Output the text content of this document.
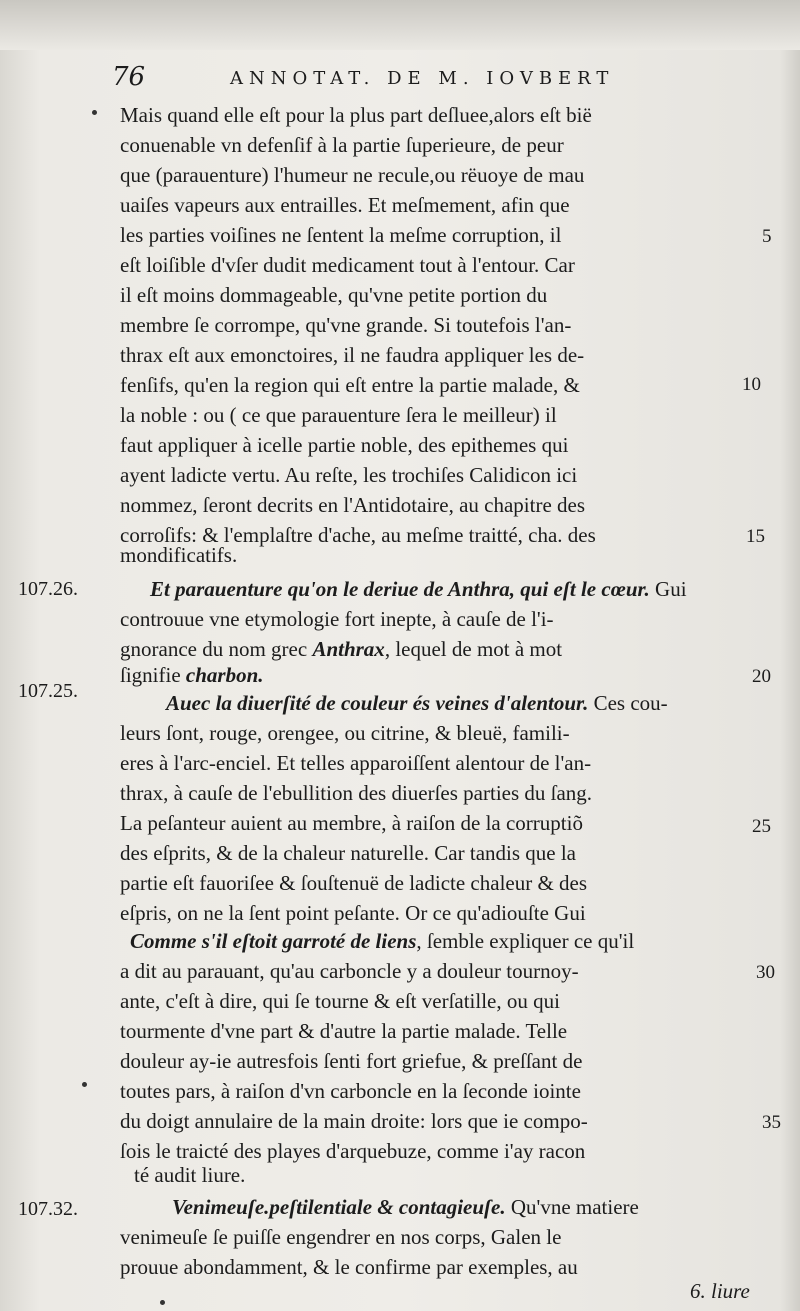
76	ANNOTAT. DE M. IOVBERT
Mais quand elle eſt pour la plus part deſluee,alors eſt bië
conuenable vn defenſif à la partie ſuperieure, de peur
que (parauenture) l'humeur ne recule,ou rëuoye de mau
uaiſes vapeurs aux entrailles. Et meſmement, afin que
les parties voiſines ne ſentent la meſme corruption, il
eſt loiſible d'vſer dudit medicament tout à l'entour. Car
il eſt moins dommageable, qu'vne petite portion du
membre ſe corrompe, qu'vne grande. Si toutefois l'an-
thrax eſt aux emonctoires, il ne faudra appliquer les de-
fenſifs, qu'en la region qui eſt entre la partie malade, &
la noble : ou ( ce que parauenture ſera le meilleur) il
faut appliquer à icelle partie noble, des epithemes qui
ayent ladicte vertu. Au reſte, les trochiſes Calidicon ici
nommez, ſeront decrits en l'Antidotaire, au chapitre des
corroſifs: & l'emplaſtre d'ache, au meſme traitté, cha. des
mondificatifs.
107.26.	Et parauenture qu'on le deriue de Anthra, qui eſt le cœur. Gui
controuue vne etymologie fort inepte, à cauſe de l'i-
gnorance du nom grec Anthrax, lequel de mot à mot
ſignifie charbon.
107.25.	Auec la diuerſité de couleur és veines d'alentour. Ces cou-
leurs ſont, rouge, orengee, ou citrine, & bleuë, famili-
eres à l'arc-enciel. Et telles apparoiſſent alentour de l'an-
thrax, à cauſe de l'ebullition des diuerſes parties du ſang.
La peſanteur auient au membre, à raiſon de la corruptiõ
des eſprits, & de la chaleur naturelle. Car tandis que la
partie eſt fauoriſee & ſouſtenuë de ladicte chaleur & des
eſpris, on ne la ſent point peſante. Or ce qu'adiouſte Gui
Comme s'il eſtoit garroté de liens, ſemble expliquer ce qu'il
a dit au parauant, qu'au carboncle y a douleur tournoy-
ante, c'eſt à dire, qui ſe tourne & eſt verſatille, ou qui
tourmente d'vne part & d'autre la partie malade. Telle
douleur ay-ie autresfois ſenti fort griefue, & preſſant de
toutes pars, à raiſon d'vn carboncle en la ſeconde iointe
du doigt annulaire de la main droite: lors que ie compo-
ſois le traicté des playes d'arquebuze, comme i'ay racon
té audit liure.
107.32.	Venimeuſe.peſtilentiale & contagieuſe. Qu'vne matiere
venimeuſe ſe puiſſe engendrer en nos corps, Galen le
prouue abondamment, & le confirme par exemples, au
6. liure
5
10
15
20
25
30
35
